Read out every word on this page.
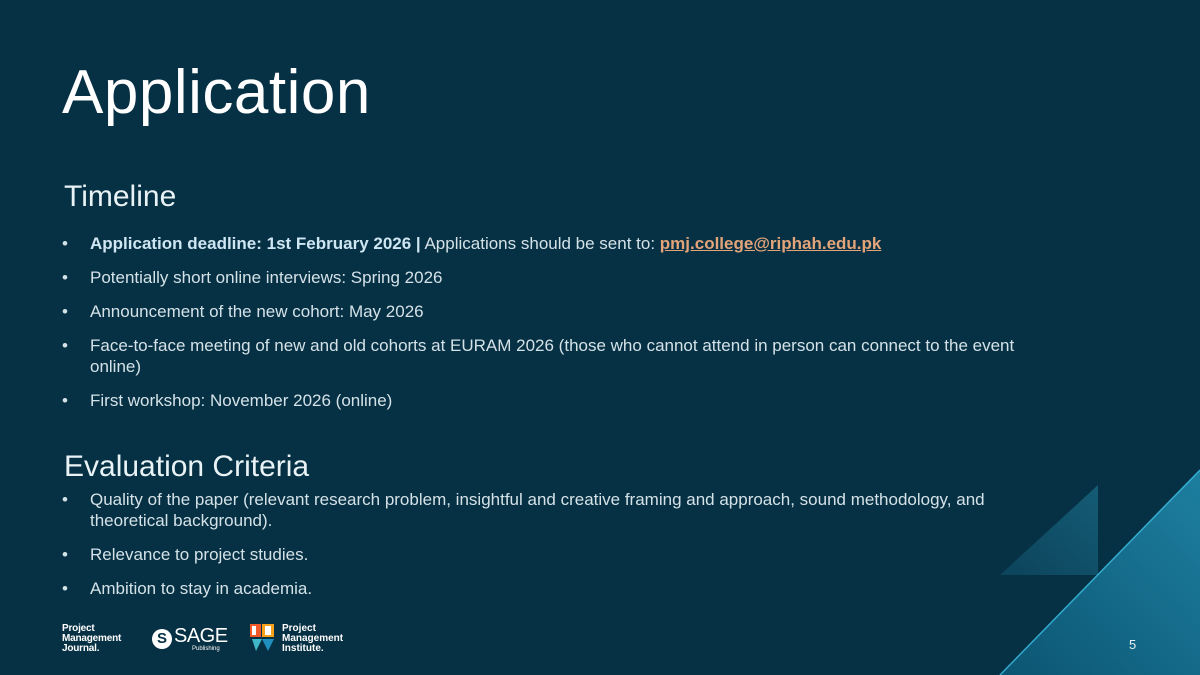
Application
Timeline
• Application deadline: 1st February 2026 | Applications should be sent to: pmj.college@riphah.edu.pk
• Potentially short online interviews: Spring 2026
• Announcement of the new cohort: May 2026
• Face-to-face meeting of new and old cohorts at EURAM 2026 (those who cannot attend in person can connect to the event online)
• First workshop: November 2026 (online)
Evaluation Criteria
• Quality of the paper (relevant research problem, insightful and creative framing and approach, sound methodology, and theoretical background).
• Relevance to project studies.
• Ambition to stay in academia.
Project
Management
Journal.
S SAGE
Publishing
Project
Management
Institute.	5
